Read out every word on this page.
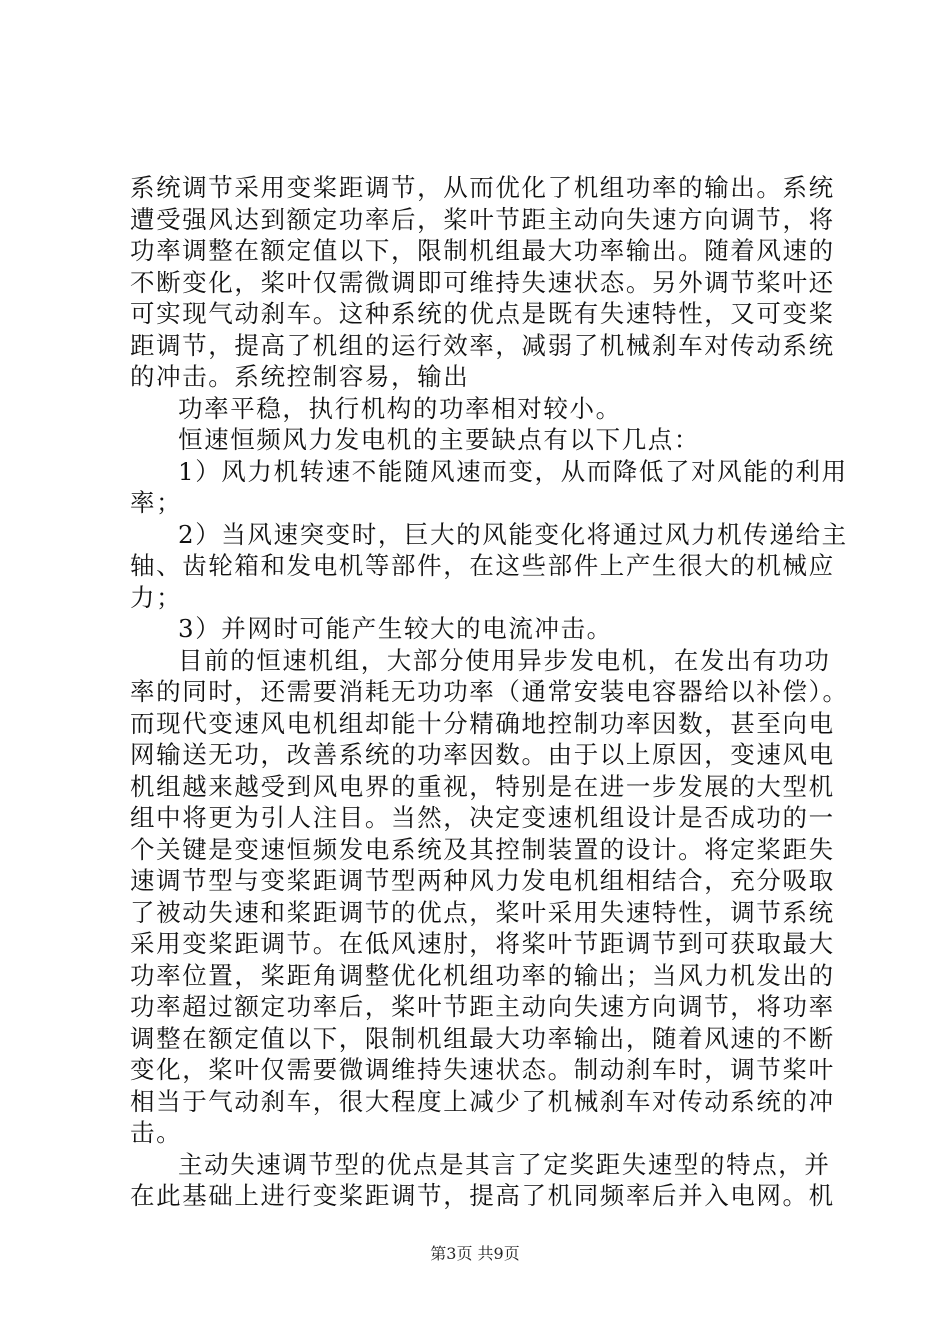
系统调节采用变桨距调节，从而优化了机组功率的输出。系统
遭受强风达到额定功率后，桨叶节距主动向失速方向调节，将
功率调整在额定值以下，限制机组最大功率输出。随着风速的
不断变化，桨叶仅需微调即可维持失速状态。另外调节桨叶还
可实现气动刹车。这种系统的优点是既有失速特性，又可变桨
距调节，提高了机组的运行效率，减弱了机械刹车对传动系统
的冲击。系统控制容易，输出
功率平稳，执行机构的功率相对较小。
恒速恒频风力发电机的主要缺点有以下几点：
1）风力机转速不能随风速而变，从而降低了对风能的利用
率；
2）当风速突变时，巨大的风能变化将通过风力机传递给主
轴、齿轮箱和发电机等部件，在这些部件上产生很大的机械应
力；
3）并网时可能产生较大的电流冲击。
目前的恒速机组，大部分使用异步发电机，在发出有功功
率的同时，还需要消耗无功功率（通常安装电容器给以补偿）。
而现代变速风电机组却能十分精确地控制功率因数，甚至向电
网输送无功，改善系统的功率因数。由于以上原因，变速风电
机组越来越受到风电界的重视，特别是在进一步发展的大型机
组中将更为引人注目。当然，决定变速机组设计是否成功的一
个关键是变速恒频发电系统及其控制装置的设计。将定桨距失
速调节型与变桨距调节型两种风力发电机组相结合，充分吸取
了被动失速和桨距调节的优点，桨叶采用失速特性，调节系统
采用变桨距调节。在低风速肘，将桨叶节距调节到可获取最大
功率位置，桨距角调整优化机组功率的输出；当风力机发出的
功率超过额定功率后，桨叶节距主动向失速方向调节，将功率
调整在额定值以下，限制机组最大功率输出，随着风速的不断
变化，桨叶仅需要微调维持失速状态。制动刹车时，调节桨叶
相当于气动刹车，很大程度上减少了机械刹车对传动系统的冲
击。
主动失速调节型的优点是其言了定奖距失速型的特点，并
在此基础上进行变桨距调节，提高了机同频率后并入电网。机
第3页 共9页
